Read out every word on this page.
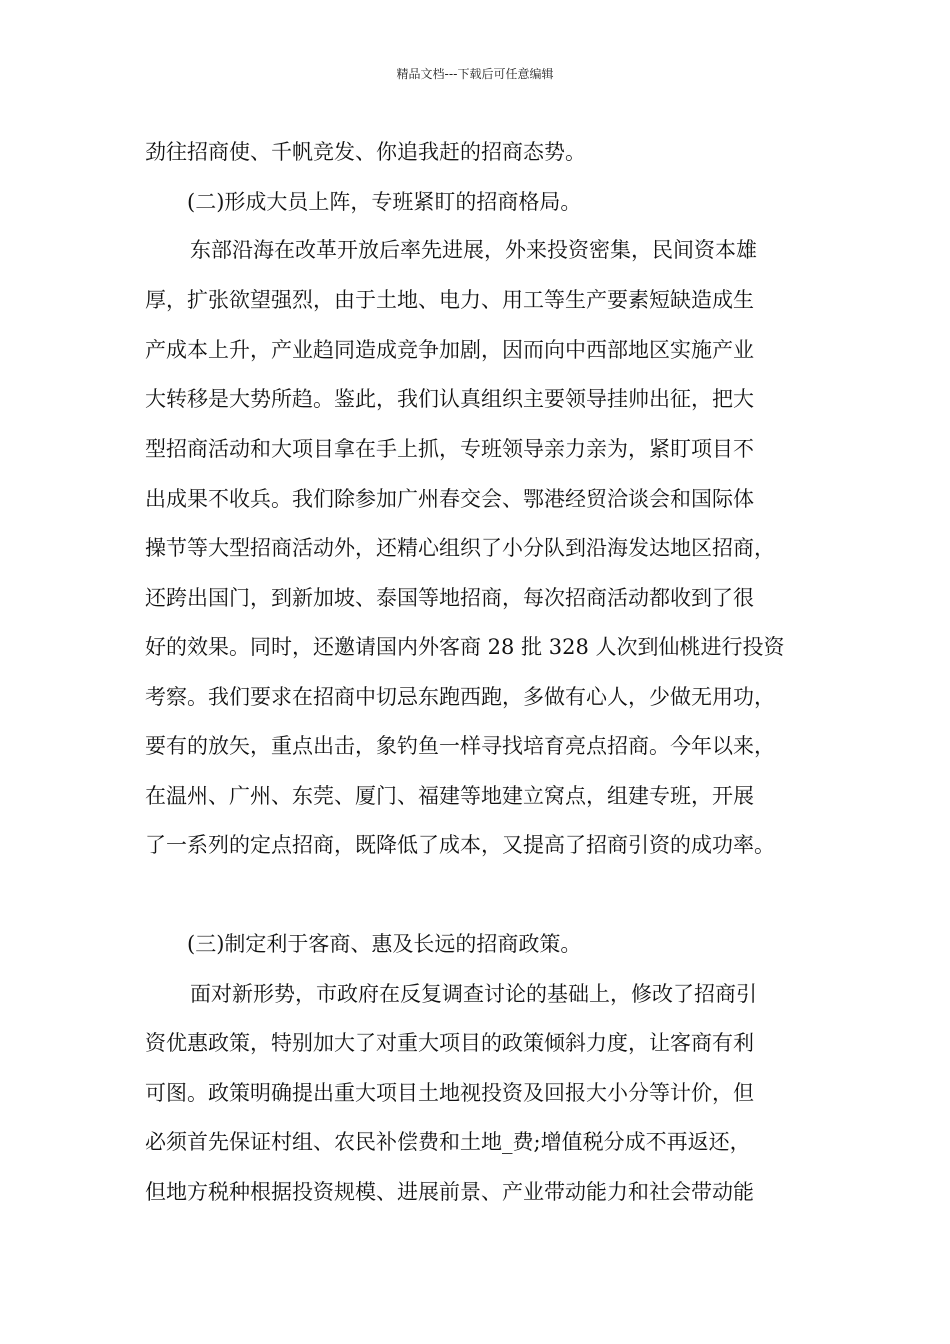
精品文档---下载后可任意编辑
劲往招商使、千帆竞发、你追我赶的招商态势。
(二)形成大员上阵，专班紧盯的招商格局。
东部沿海在改革开放后率先进展，外来投资密集，民间资本雄
厚，扩张欲望强烈，由于土地、电力、用工等生产要素短缺造成生
产成本上升，产业趋同造成竞争加剧，因而向中西部地区实施产业
大转移是大势所趋。鉴此，我们认真组织主要领导挂帅出征，把大
型招商活动和大项目拿在手上抓，专班领导亲力亲为，紧盯项目不
出成果不收兵。我们除参加广州春交会、鄂港经贸洽谈会和国际体
操节等大型招商活动外，还精心组织了小分队到沿海发达地区招商，
还跨出国门，到新加坡、泰国等地招商，每次招商活动都收到了很
好的效果。同时，还邀请国内外客商 28 批 328 人次到仙桃进行投资
考察。我们要求在招商中切忌东跑西跑，多做有心人，少做无用功，
要有的放矢，重点出击，象钓鱼一样寻找培育亮点招商。今年以来，
在温州、广州、东莞、厦门、福建等地建立窝点，组建专班，开展
了一系列的定点招商，既降低了成本，又提高了招商引资的成功率。
(三)制定利于客商、惠及长远的招商政策。
面对新形势，市政府在反复调查讨论的基础上，修改了招商引
资优惠政策，特别加大了对重大项目的政策倾斜力度，让客商有利
可图。政策明确提出重大项目土地视投资及回报大小分等计价，但
必须首先保证村组、农民补偿费和土地_费;增值税分成不再返还，
但地方税种根据投资规模、进展前景、产业带动能力和社会带动能
